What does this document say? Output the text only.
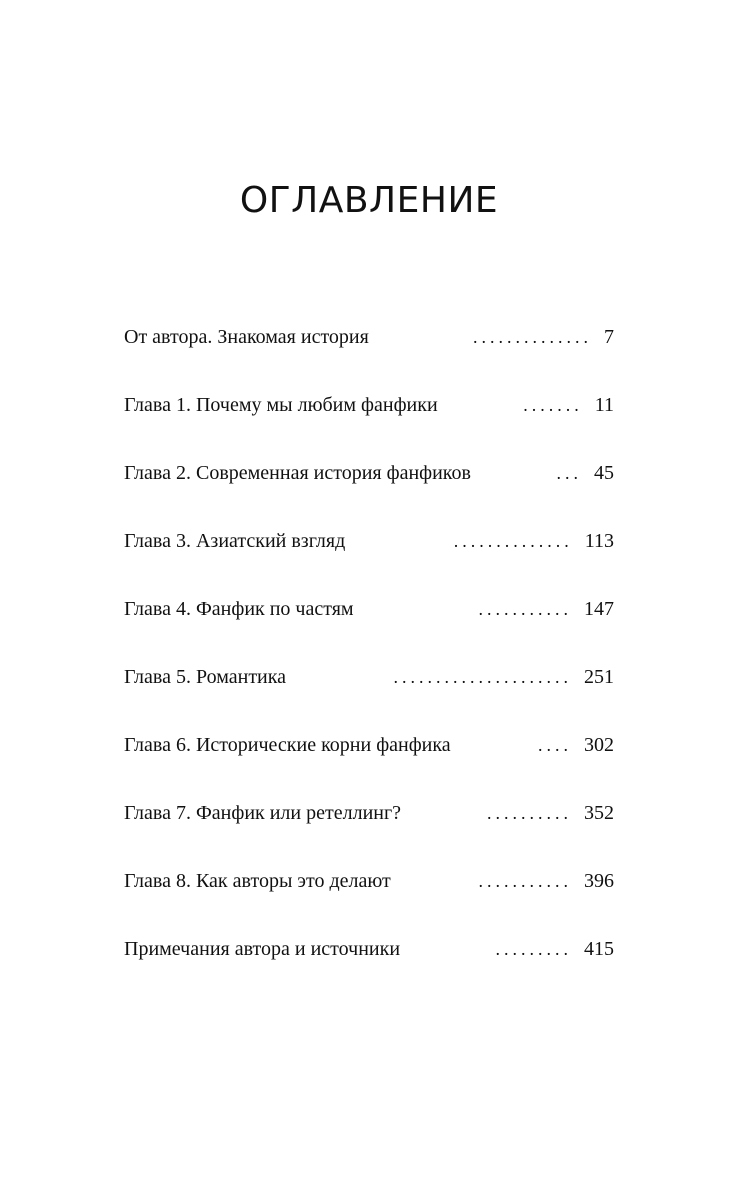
ОГЛАВЛЕНИЕ
От автора. Знакомая история	.............. 7
Глава 1. Почему мы любим фанфики	....... 11
Глава 2. Современная история фанфиков	... 45
Глава 3. Азиатский взгляд	.............. 113
Глава 4. Фанфик по частям	........... 147
Глава 5. Романтика	..................... 251
Глава 6. Исторические корни фанфика	.... 302
Глава 7. Фанфик или ретеллинг?	.......... 352
Глава 8. Как авторы это делают	........... 396
Примечания автора и источники	......... 415
